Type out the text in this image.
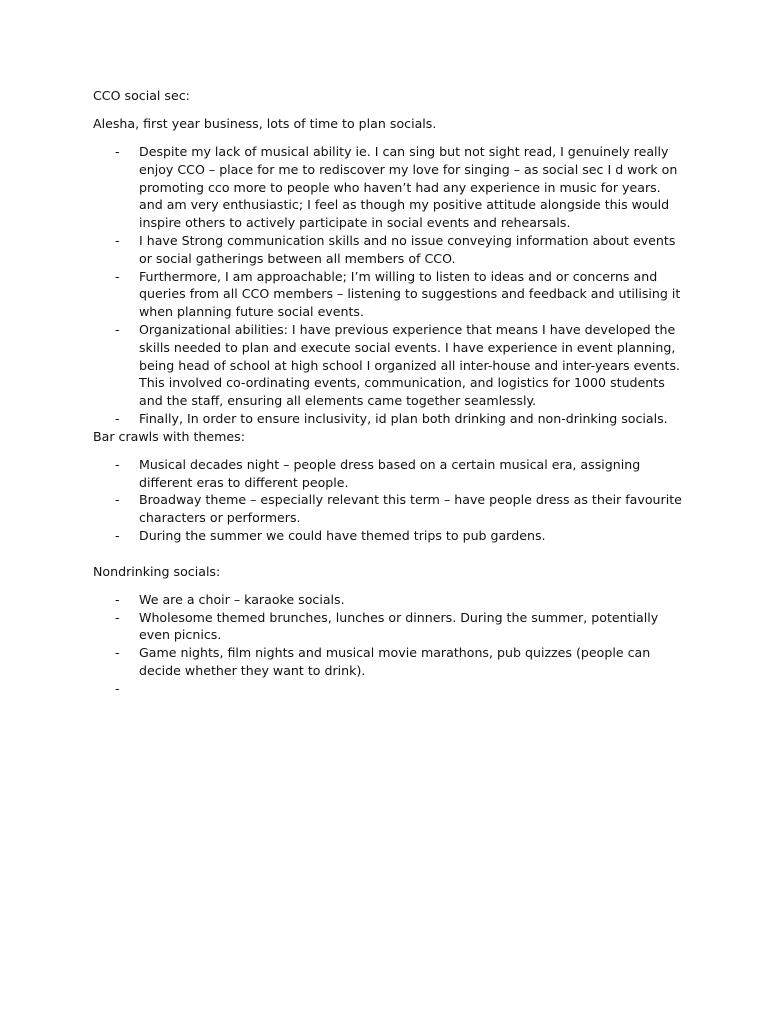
CCO social sec:

Alesha, first year business, lots of time to plan socials.

- Despite my lack of musical ability ie. I can sing but not sight read, I genuinely really enjoy CCO – place for me to rediscover my love for singing – as social sec I d work on promoting cco more to people who haven’t had any experience in music for years. and am very enthusiastic; I feel as though my positive attitude alongside this would inspire others to actively participate in social events and rehearsals.
- I have Strong communication skills and no issue conveying information about events or social gatherings between all members of CCO.
- Furthermore, I am approachable; I’m willing to listen to ideas and or concerns and queries from all CCO members – listening to suggestions and feedback and utilising it when planning future social events.
- Organizational abilities: I have previous experience that means I have developed the skills needed to plan and execute social events. I have experience in event planning, being head of school at high school I organized all inter-house and inter-years events. This involved co-ordinating events, communication, and logistics for 1000 students and the staff, ensuring all elements came together seamlessly.
- Finally, In order to ensure inclusivity, id plan both drinking and non-drinking socials.

Bar crawls with themes:

- Musical decades night – people dress based on a certain musical era, assigning different eras to different people.
- Broadway theme – especially relevant this term – have people dress as their favourite characters or performers.
- During the summer we could have themed trips to pub gardens.

Nondrinking socials:

- We are a choir – karaoke socials.
- Wholesome themed brunches, lunches or dinners. During the summer, potentially even picnics.
- Game nights, film nights and musical movie marathons, pub quizzes (people can decide whether they want to drink).
-
